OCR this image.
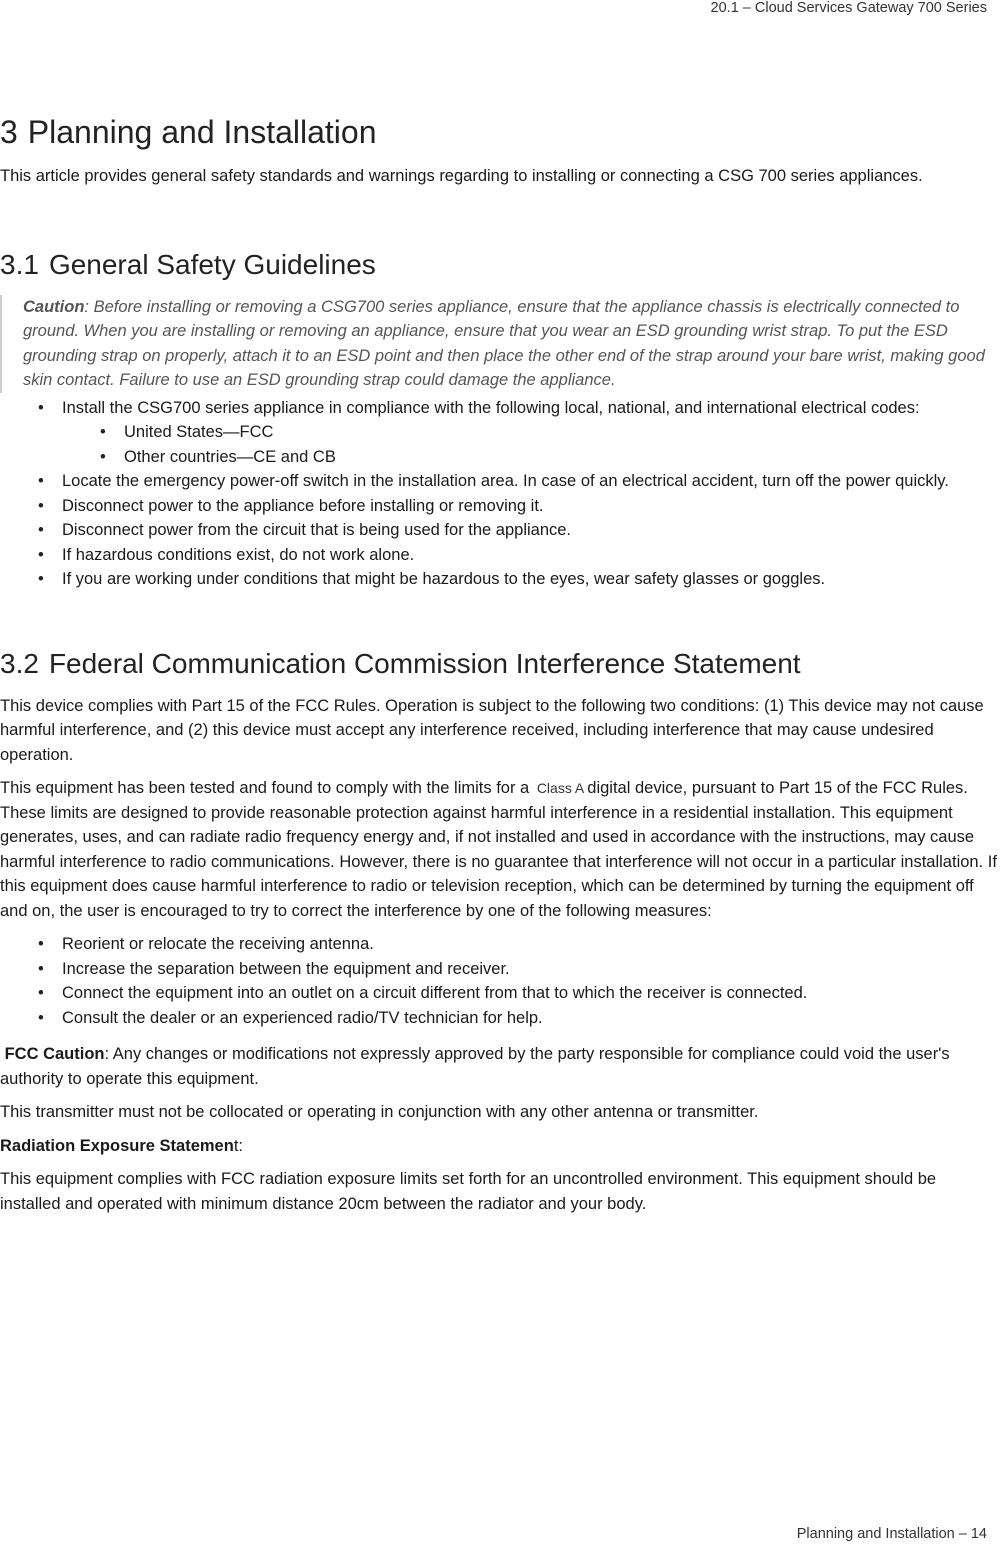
20.1 – Cloud Services Gateway 700 Series
3 Planning and Installation

This article provides general safety standards and warnings regarding to installing or connecting a CSG 700 series appliances.

3.1 General Safety Guidelines
Caution: Before installing or removing a CSG700 series appliance, ensure that the appliance chassis is electrically connected to ground. When you are installing or removing an appliance, ensure that you wear an ESD grounding wrist strap. To put the ESD grounding strap on properly, attach it to an ESD point and then place the other end of the strap around your bare wrist, making good skin contact. Failure to use an ESD grounding strap could damage the appliance.
• Install the CSG700 series appliance in compliance with the following local, national, and international electrical codes:
• United States—FCC
• Other countries—CE and CB
• Locate the emergency power-off switch in the installation area. In case of an electrical accident, turn off the power quickly.
• Disconnect power to the appliance before installing or removing it.
• Disconnect power from the circuit that is being used for the appliance.
• If hazardous conditions exist, do not work alone.
• If you are working under conditions that might be hazardous to the eyes, wear safety glasses or goggles.
3.2 Federal Communication Commission Interference Statement

This device complies with Part 15 of the FCC Rules. Operation is subject to the following two conditions: (1) This device may not cause harmful interference, and (2) this device must accept any interference received, including interference that may cause undesired operation.

This equipment has been tested and found to comply with the limits for a Class A digital device, pursuant to Part 15 of the FCC Rules. These limits are designed to provide reasonable protection against harmful interference in a residential installation. This equipment generates, uses, and can radiate radio frequency energy and, if not installed and used in accordance with the instructions, may cause harmful interference to radio communications. However, there is no guarantee that interference will not occur in a particular installation. If this equipment does cause harmful interference to radio or television reception, which can be determined by turning the equipment off and on, the user is encouraged to try to correct the interference by one of the following measures:

• Reorient or relocate the receiving antenna.
• Increase the separation between the equipment and receiver.
• Connect the equipment into an outlet on a circuit different from that to which the receiver is connected.
• Consult the dealer or an experienced radio/TV technician for help.

FCC Caution: Any changes or modifications not expressly approved by the party responsible for compliance could void the user's authority to operate this equipment.

This transmitter must not be collocated or operating in conjunction with any other antenna or transmitter.

Radiation Exposure Statement:

This equipment complies with FCC radiation exposure limits set forth for an uncontrolled environment. This equipment should be installed and operated with minimum distance 20cm between the radiator and your body.

Planning and Installation – 14
